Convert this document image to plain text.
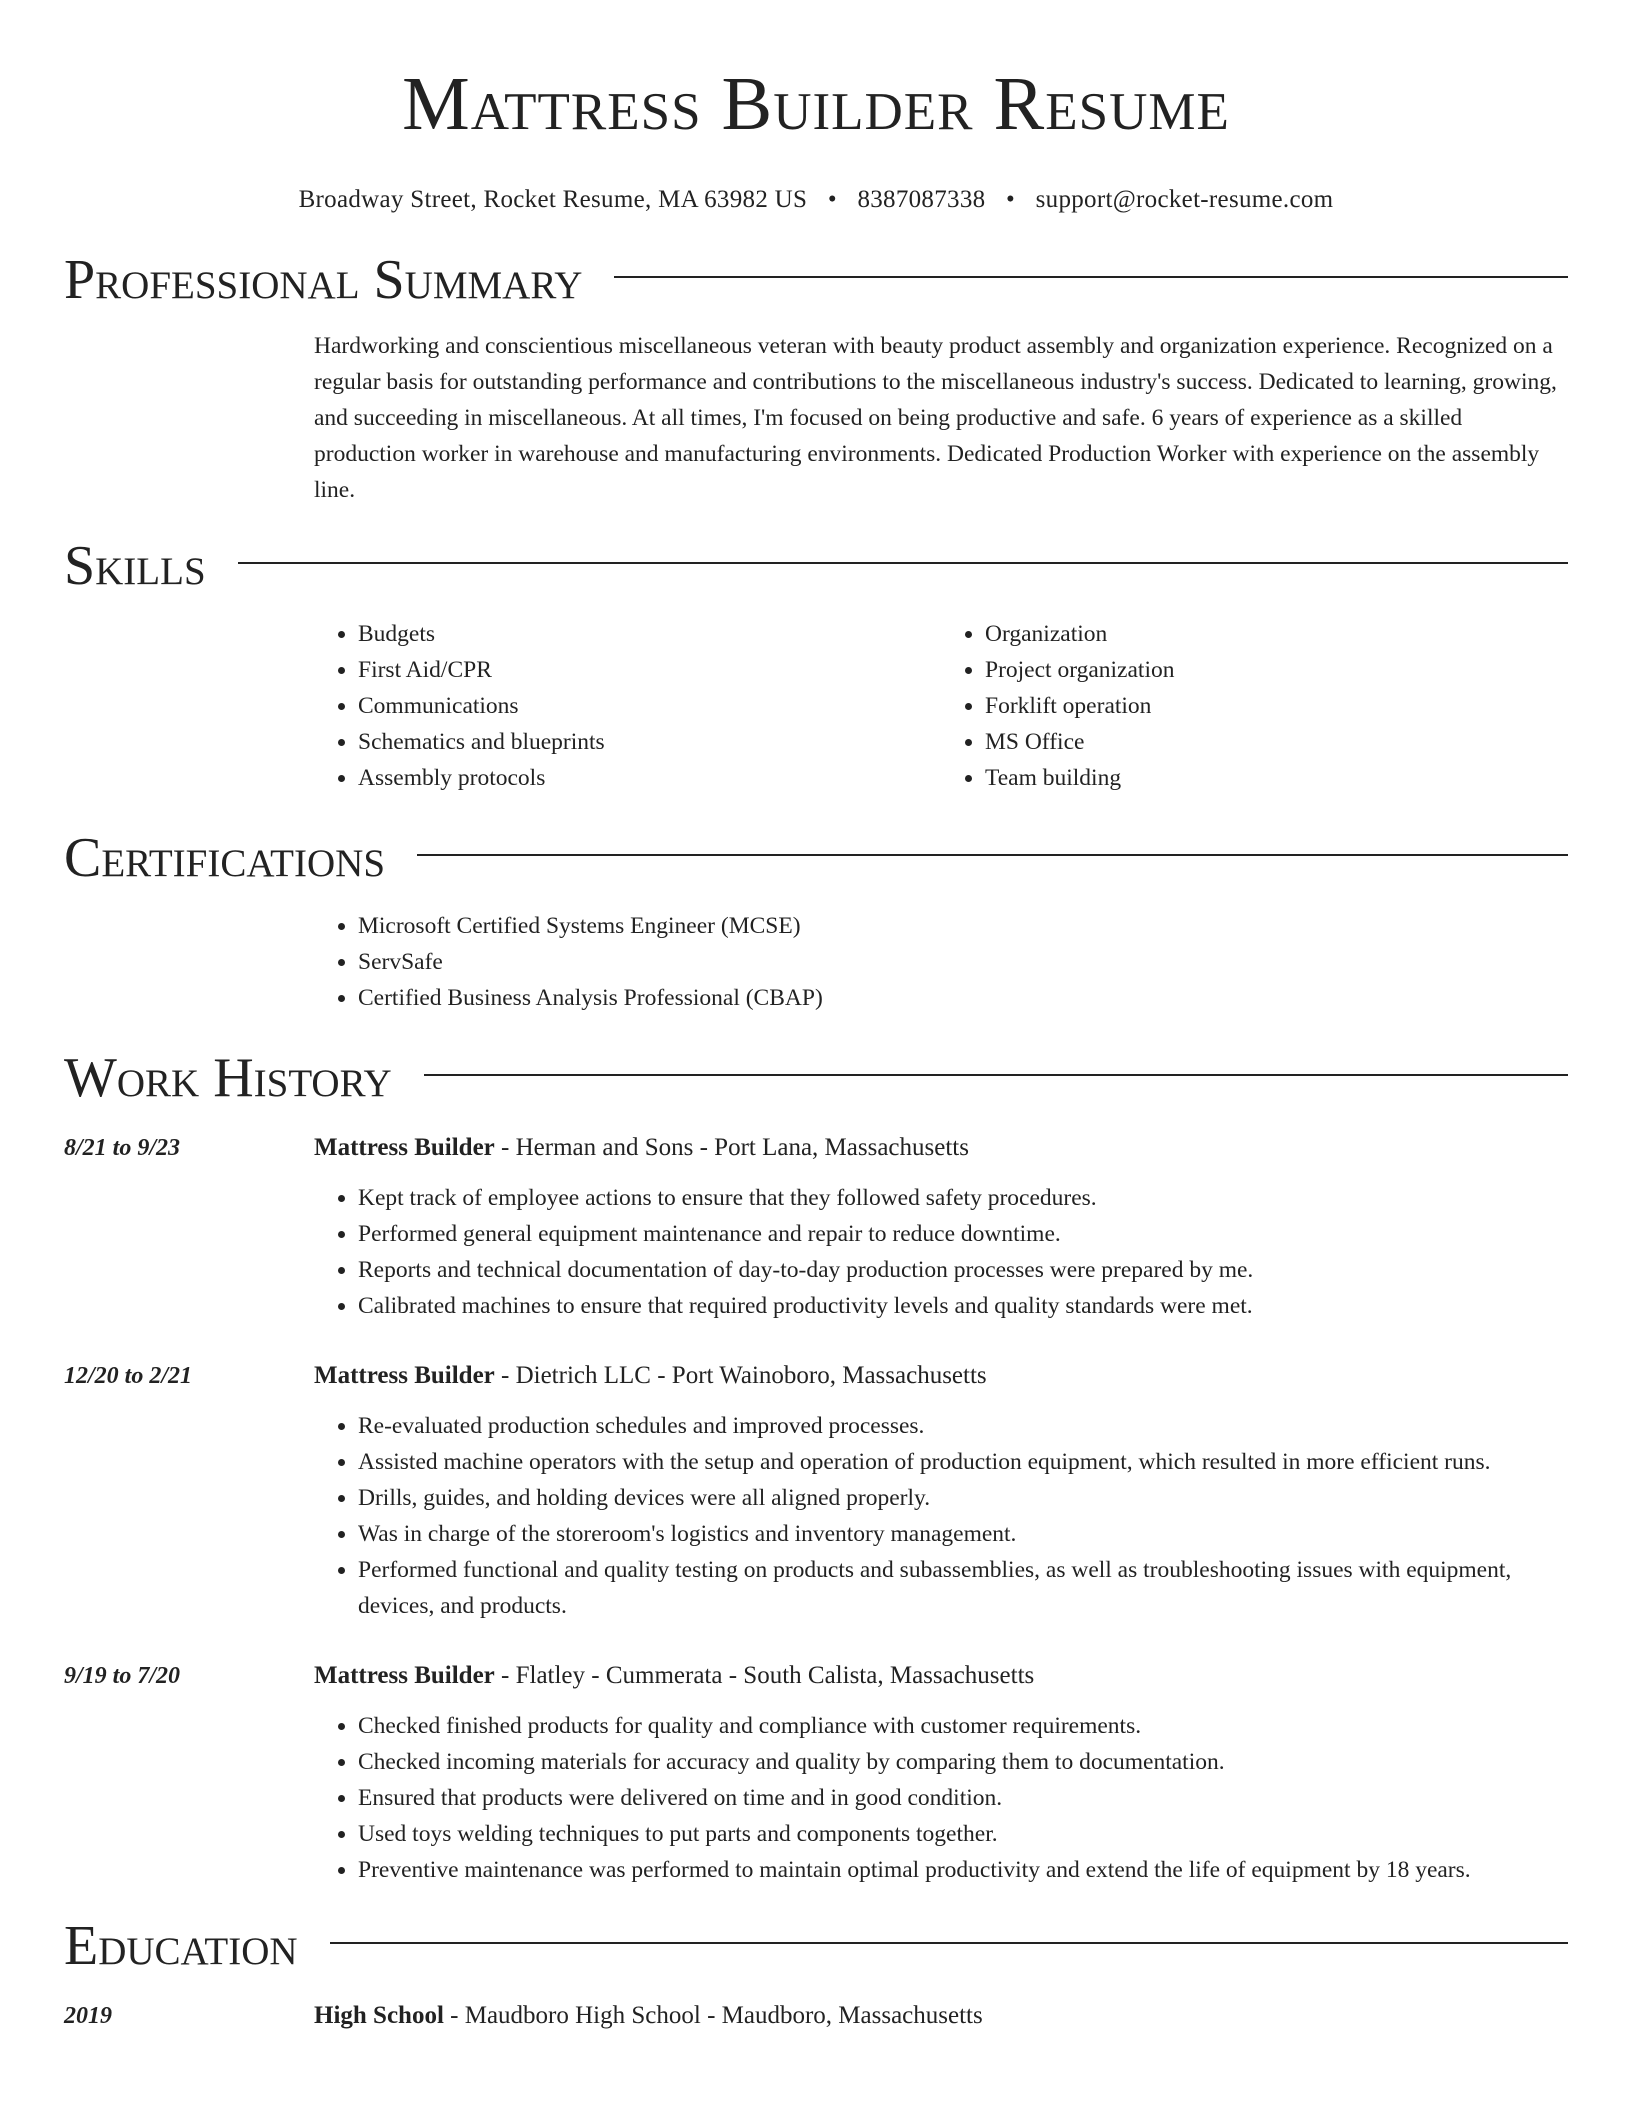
Mattress Builder Resume
Broadway Street, Rocket Resume, MA 63982 US • 8387087338 • support@rocket-resume.com
Professional Summary
Hardworking and conscientious miscellaneous veteran with beauty product assembly and organization experience. Recognized on a regular basis for outstanding performance and contributions to the miscellaneous industry's success. Dedicated to learning, growing, and succeeding in miscellaneous. At all times, I'm focused on being productive and safe. 6 years of experience as a skilled production worker in warehouse and manufacturing environments. Dedicated Production Worker with experience on the assembly line.
Skills
• Budgets
• First Aid/CPR
• Communications
• Schematics and blueprints
• Assembly protocols
• Organization
• Project organization
• Forklift operation
• MS Office
• Team building
Certifications
• Microsoft Certified Systems Engineer (MCSE)
• ServSafe
• Certified Business Analysis Professional (CBAP)
Work History
8/21 to 9/23	Mattress Builder - Herman and Sons - Port Lana, Massachusetts
• Kept track of employee actions to ensure that they followed safety procedures.
• Performed general equipment maintenance and repair to reduce downtime.
• Reports and technical documentation of day-to-day production processes were prepared by me.
• Calibrated machines to ensure that required productivity levels and quality standards were met.
12/20 to 2/21	Mattress Builder - Dietrich LLC - Port Wainoboro, Massachusetts
• Re-evaluated production schedules and improved processes.
• Assisted machine operators with the setup and operation of production equipment, which resulted in more efficient runs.
• Drills, guides, and holding devices were all aligned properly.
• Was in charge of the storeroom's logistics and inventory management.
• Performed functional and quality testing on products and subassemblies, as well as troubleshooting issues with equipment, devices, and products.
9/19 to 7/20	Mattress Builder - Flatley - Cummerata - South Calista, Massachusetts
• Checked finished products for quality and compliance with customer requirements.
• Checked incoming materials for accuracy and quality by comparing them to documentation.
• Ensured that products were delivered on time and in good condition.
• Used toys welding techniques to put parts and components together.
• Preventive maintenance was performed to maintain optimal productivity and extend the life of equipment by 18 years.
Education
2019	High School - Maudboro High School - Maudboro, Massachusetts
